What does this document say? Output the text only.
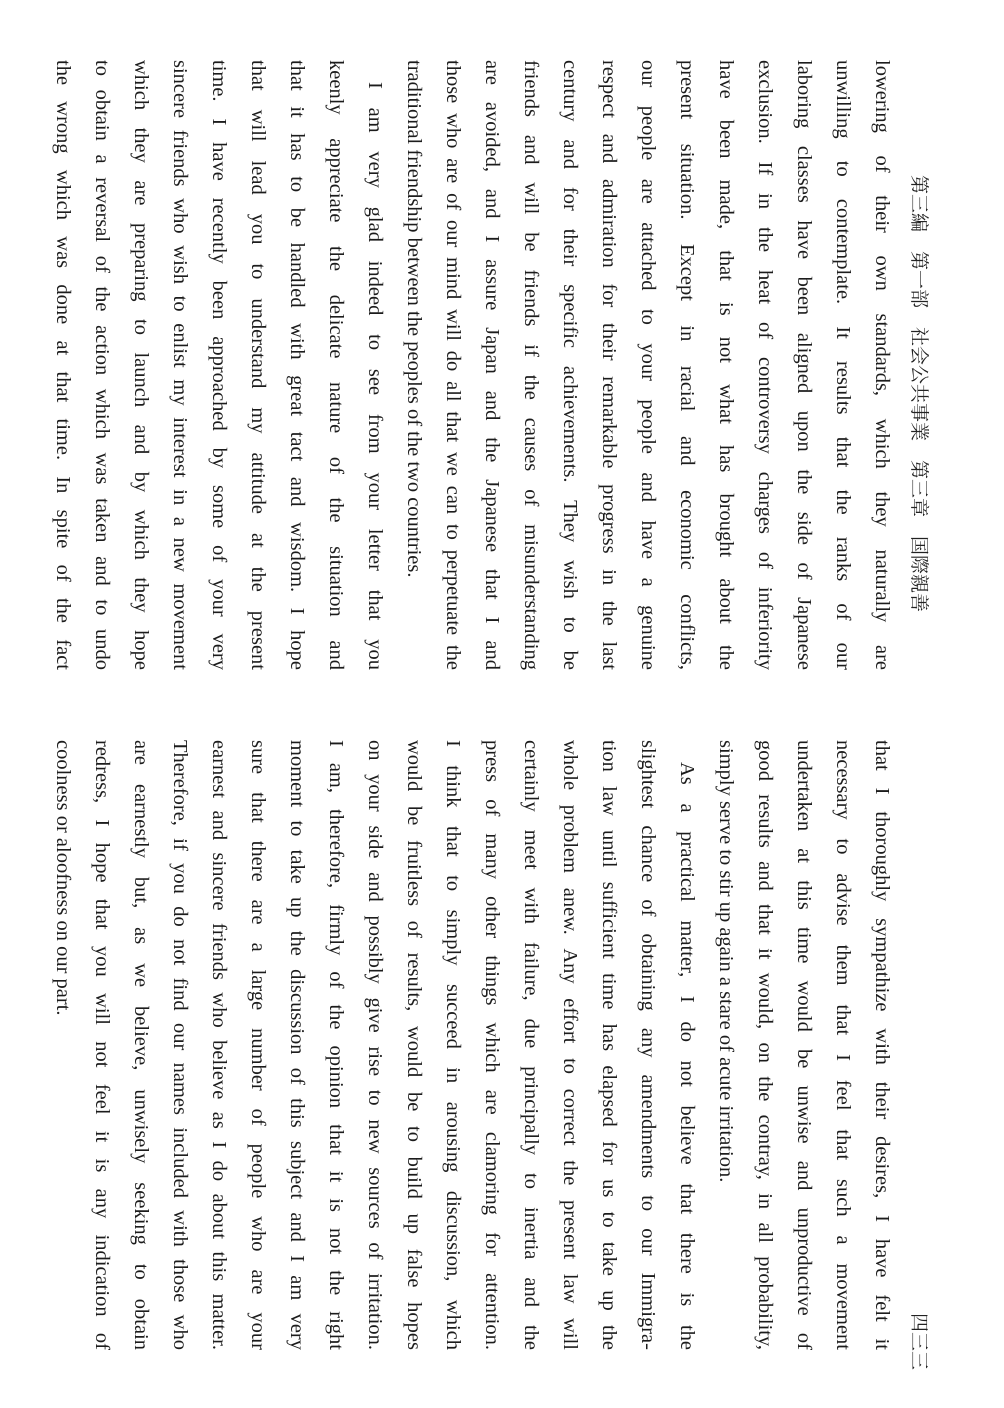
第三編　第一部　社会公共事業　第三章　国際親善
四三三
lowering of their own standards, which they naturally are
unwilling to contemplate. It results that the ranks of our
laboring classes have been aligned upon the side of Japanese
exclusion. If in the heat of controversy charges of inferiority
have been made, that is not what has brought about the
present situation. Except in racial and economic conflicts,
our people are attached to your people and have a genuine
respect and admiration for their remarkable progress in the last
century and for their specific achievements. They wish to be
friends and will be friends if the causes of misunderstanding
are avoided, and I assure Japan and the Japanese that I and
those who are of our mind will do all that we can to perpetuate the
traditional friendship between the peoples of the two countries.
I am very glad indeed to see from your letter that you
keenly appreciate the delicate nature of the situation and
that it has to be handled with great tact and wisdom. I hope
that will lead you to understand my attitude at the present
time. I have recently been approached by some of your very
sincere friends who wish to enlist my interest in a new movement
which they are preparing to launch and by which they hope
to obtain a reversal of the action which was taken and to undo
the wrong which was done at that time. In spite of the fact
that I thoroughly sympathize with their desires, I have felt it
necessary to advise them that I feel that such a movement
undertaken at this time would be unwise and unproductive of
good results and that it would, on the contray, in all probability,
simply serve to stir up again a stare of acute irritation.
As a practical matter, I do not believe that there is the
slightest chance of obtaining any amendments to our Immigra-
tion law until sufficient time has elapsed for us to take up the
whole problem anew. Any effort to correct the present law will
certainly meet with failure, due principally to inertia and the
press of many other things which are clamoring for attention.
I think that to simply succeed in arousing discussion, which
would be fruitless of results, would be to build up false hopes
on your side and possibly give rise to new sources of irritation.
I am, therefore, firmly of the opinion that it is not the right
moment to take up the discussion of this subject and I am very
sure that there are a large number of people who are your
earnest and sincere friends who believe as I do about this matter.
Therefore, if you do not find our names included with those who
are earnestly but, as we believe, unwisely seeking to obtain
redress, I hope that you will not feel it is any indication of
coolness or aloofness on our part.
